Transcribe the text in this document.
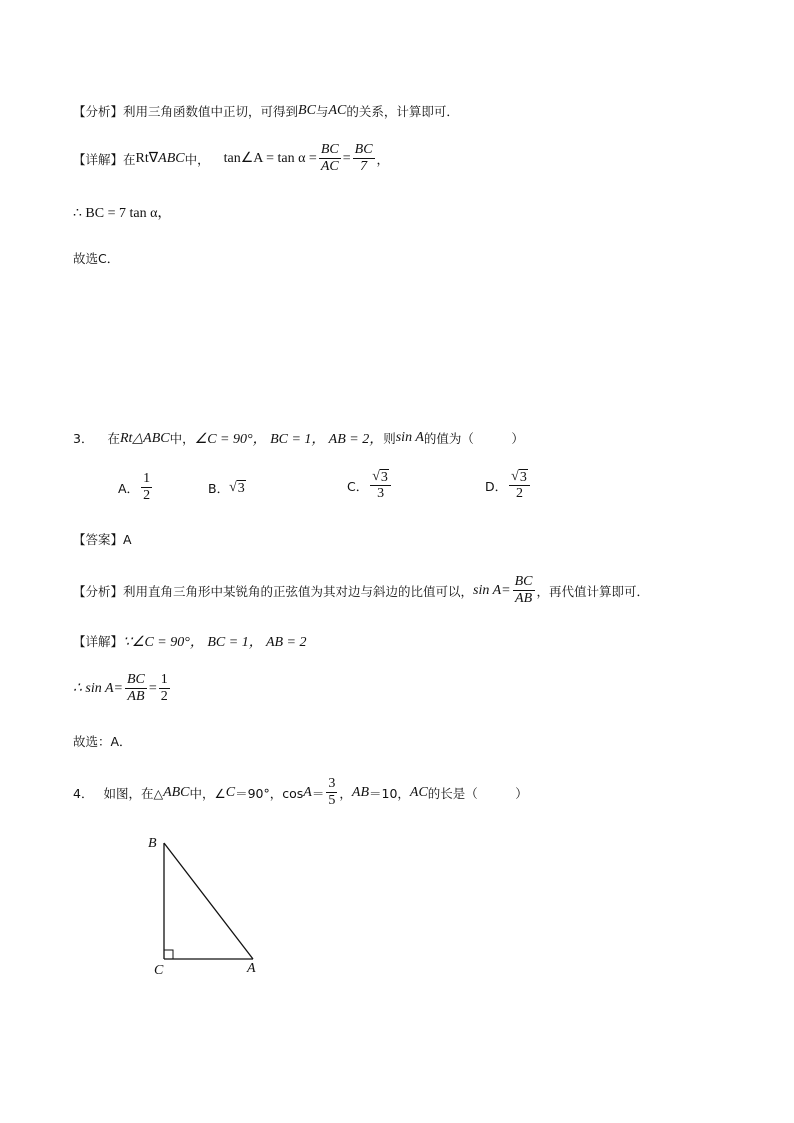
【分析】 利用三角函数值中正切，可得到 BC 与 AC 的关系，计算即可．
【详解】 在 Rt ∇ ABC 中， tan∠A = $\tan \alpha = \frac{BC}{AC} = \frac{BC}{7}$ ，
∴ BC = 7 tan α，
故选C．
3． 在 Rt△ABC 中， ∠C = 90°， BC = 1， AB = 2， 则 sin A 的值为（　　　）
A． $\frac{1}{2}$	B． √ 3	C． $\frac{√ 3}{3}$	D． $\frac{√ 3}{2}$
【答案】 A
【分析】 利用直角三角形中某锐角的正弦值为其对边与斜边的比值可以， $\sin A= \frac{BC}{AB}$ ，再代值计算即可．
【详解】 ∵∠C = 90°， BC = 1， AB = 2
∴ $\sin A= \frac{BC}{AB} = \frac{1}{2}$
故选：A．
4． 如图，在△ ABC 中，∠ C ＝90°，$\cos A = \frac{3}{5}$ ， AB ＝10， AC 的长是（　　　）
B
C	A
